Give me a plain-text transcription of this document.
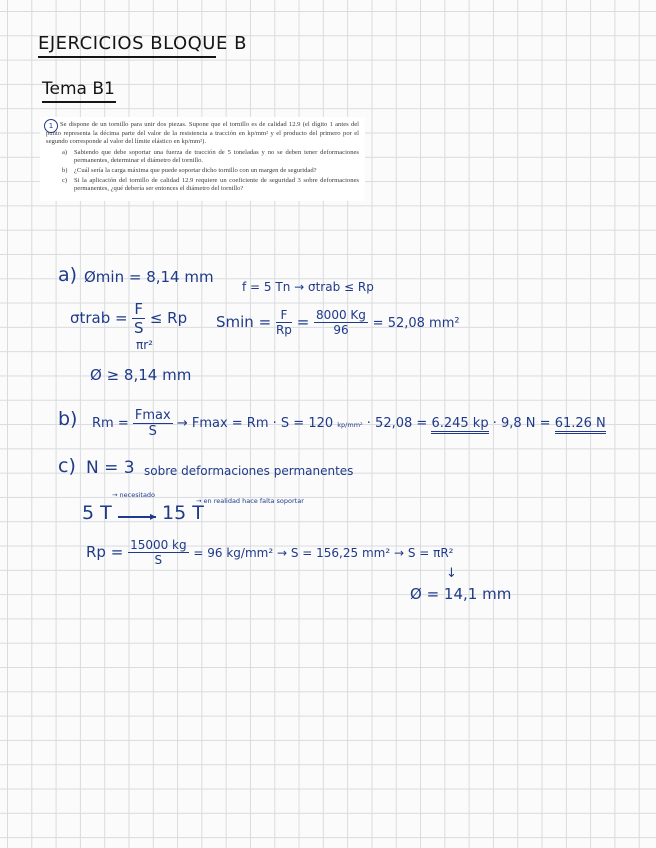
EJERCICIOS BLOQUE B
Tema B1

Se dispone de un tornillo para unir dos piezas. Supone que el tornillo es de calidad 12.9 (el dígito 1 antes del punto representa la décima parte del valor de la resistencia a tracción en kp/mm² y el producto del primero por el segundo corresponde al valor del límite elástico en kp/mm²).

a) Sabiendo que debe soportar una fuerza de tracción de 5 toneladas y no se deben tener deformaciones permanentes, determinar el diámetro del tornillo.
b) ¿Cuál sería la carga máxima que puede soportar dicho tornillo con un margen de seguridad?
c) Si la aplicación del tornillo de calidad 12.9 requiere un coeficiente de seguridad 3 sobre deformaciones permanentes, ¿qué debería ser entonces el diámetro del tornillo?
1
a) Ømin = 8,14 mm
f = 5 Tn → σtrab ≤ Rp
σtrab = $\frac{F}{S} \le Rp$
πr²
$Smin = \frac{F}{Rp} = \frac{8000 Kg}{96} = 52,08$ mm²
Ø ≥ 8,14 mm
b) $Rm = \frac{Fmax}{S} \to Fmax = Rm \cdot S = 120$ kp/mm² · 52,08 = 6.245 kp · 9,8 N = 61.26 N
c) N = 3 sobre deformaciones permanentes
→ necesitado
→ en realidad hace falta soportar
5 T	▸ 15 T
$Rp = \frac{15000 kg}{S} = 96$ kg/mm² → S = 156,25 mm² → S = πR²
↓
Ø = 14,1 mm
